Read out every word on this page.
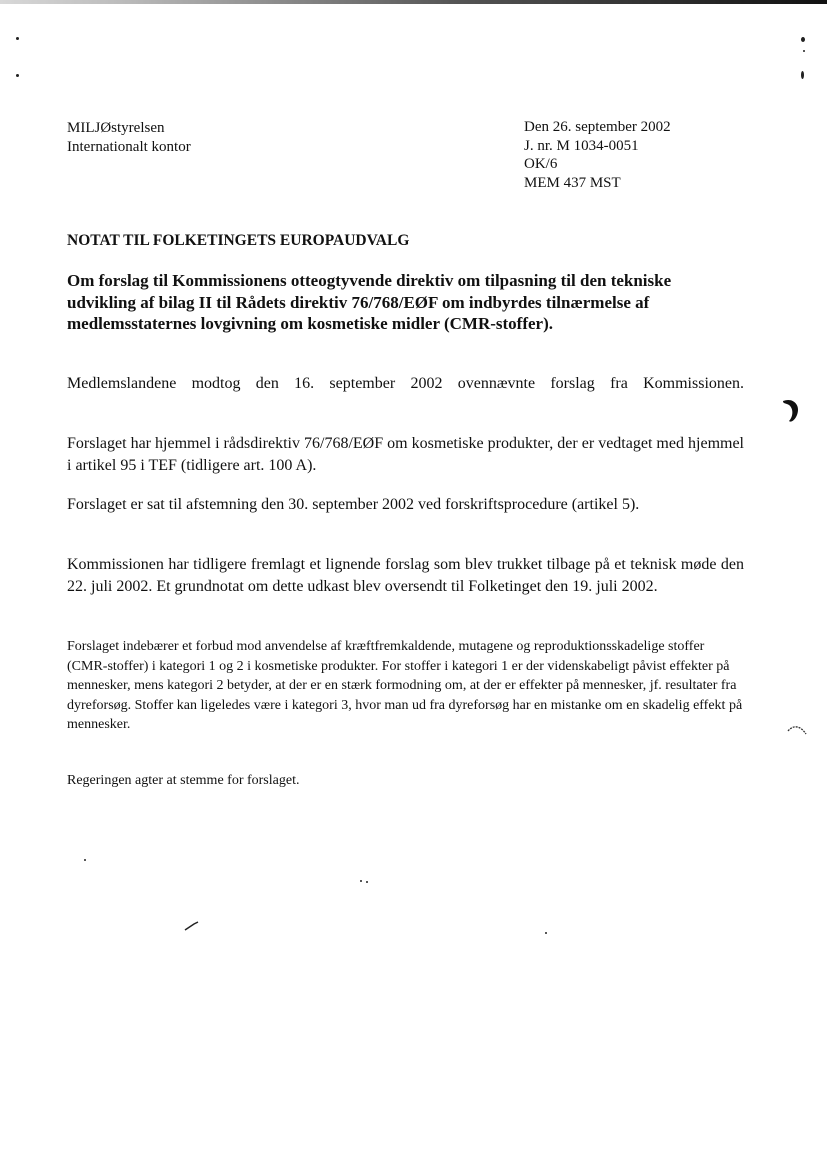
MILJØstyrelsen
Internationalt kontor
Den 26. september 2002
J. nr. M 1034-0051
OK/6
MEM 437 MST
NOTAT TIL FOLKETINGETS EUROPAUDVALG
Om forslag til Kommissionens otteogtyvende direktiv om tilpasning til den tekniske udvikling af bilag II til Rådets direktiv 76/768/EØF om indbyrdes tilnærmelse af medlemsstaternes lovgivning om kosmetiske midler (CMR-stoffer).
Medlemslandene modtog den 16. september 2002 ovennævnte forslag fra Kommissionen.
Forslaget har hjemmel i rådsdirektiv 76/768/EØF om kosmetiske produkter, der er vedtaget med hjemmel i artikel 95 i TEF (tidligere art. 100 A).
Forslaget er sat til afstemning den 30. september 2002 ved forskriftsprocedure (artikel 5).
Kommissionen har tidligere fremlagt et lignende forslag som blev trukket tilbage på et teknisk møde den 22. juli 2002. Et grundnotat om dette udkast blev oversendt til Folketinget den 19. juli 2002.
Forslaget indebærer et forbud mod anvendelse af kræftfremkaldende, mutagene og reproduktionsskadelige stoffer (CMR-stoffer) i kategori 1 og 2 i kosmetiske produkter. For stoffer i kategori 1 er der videnskabeligt påvist effekter på mennesker, mens kategori 2 betyder, at der er en stærk formodning om, at der er effekter på mennesker, jf. resultater fra dyreforsøg. Stoffer kan ligeledes være i kategori 3, hvor man ud fra dyreforsøg har en mistanke om en skadelig effekt på mennesker.
Regeringen agter at stemme for forslaget.
